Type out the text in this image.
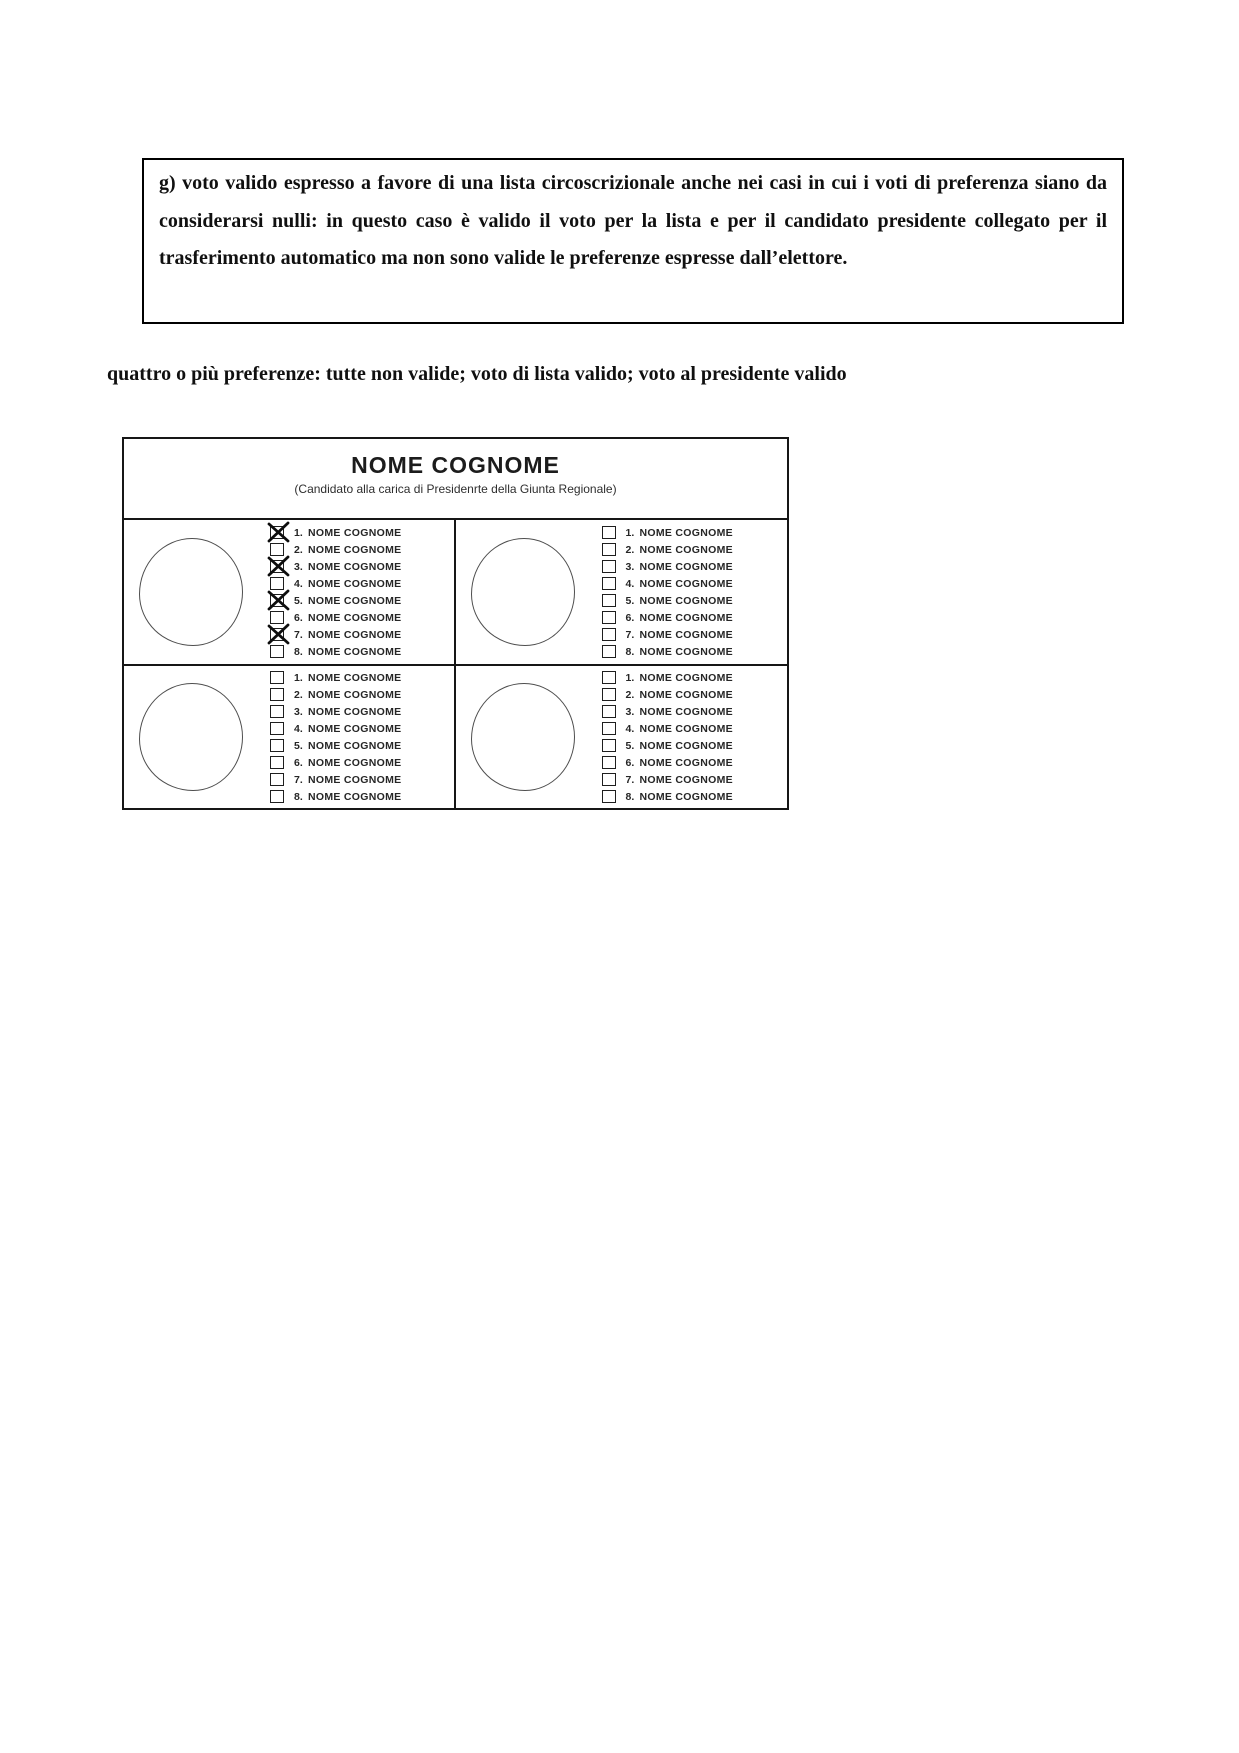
g) voto valido espresso a favore di una lista circoscrizionale anche nei casi in cui i voti di preferenza siano da considerarsi nulli: in questo caso è valido il voto per la lista e per il candidato presidente collegato per il trasferimento automatico ma non sono valide le preferenze espresse dall’elettore.

quattro o più preferenze: tutte non valide; voto di lista valido; voto al presidente valido

NOME COGNOME
(Candidato alla carica di Presidenrte della Giunta Regionale)
1. NOME COGNOME
2. NOME COGNOME
3. NOME COGNOME
4. NOME COGNOME
5. NOME COGNOME
6. NOME COGNOME
7. NOME COGNOME
8. NOME COGNOME
1. NOME COGNOME
2. NOME COGNOME
3. NOME COGNOME
4. NOME COGNOME
5. NOME COGNOME
6. NOME COGNOME
7. NOME COGNOME
8. NOME COGNOME
1. NOME COGNOME
2. NOME COGNOME
3. NOME COGNOME
4. NOME COGNOME
5. NOME COGNOME
6. NOME COGNOME
7. NOME COGNOME
8. NOME COGNOME
1. NOME COGNOME
2. NOME COGNOME
3. NOME COGNOME
4. NOME COGNOME
5. NOME COGNOME
6. NOME COGNOME
7. NOME COGNOME
8. NOME COGNOME
